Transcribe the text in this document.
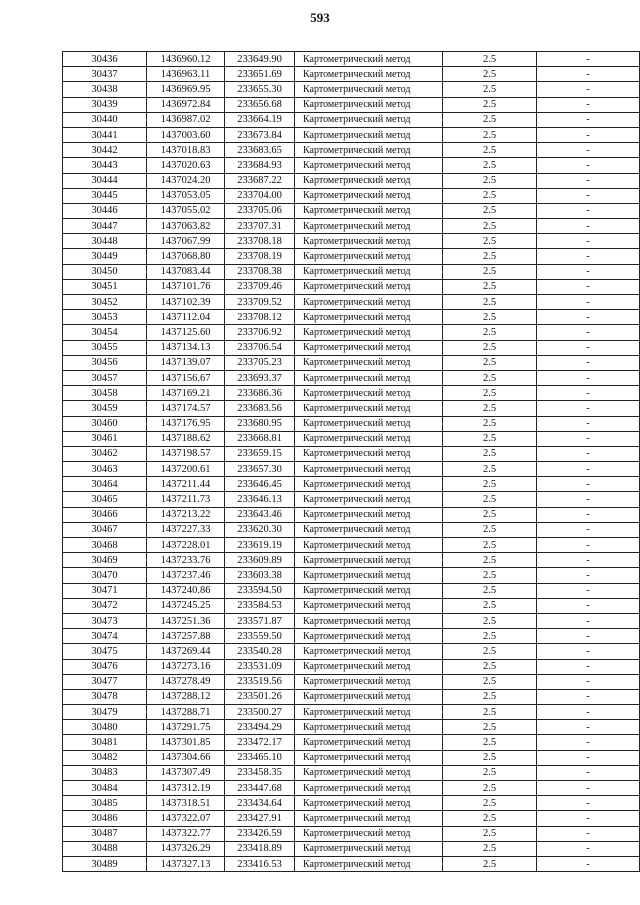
593
30436	1436960.12	233649.90	Картометрический метод	2.5	-
30437	1436963.11	233651.69	Картометрический метод	2.5	-
30438	1436969.95	233655.30	Картометрический метод	2.5	-
30439	1436972.84	233656.68	Картометрический метод	2.5	-
30440	1436987.02	233664.19	Картометрический метод	2.5	-
30441	1437003.60	233673.84	Картометрический метод	2.5	-
30442	1437018.83	233683.65	Картометрический метод	2.5	-
30443	1437020.63	233684.93	Картометрический метод	2.5	-
30444	1437024.20	233687.22	Картометрический метод	2.5	-
30445	1437053.05	233704.00	Картометрический метод	2.5	-
30446	1437055.02	233705.06	Картометрический метод	2.5	-
30447	1437063.82	233707.31	Картометрический метод	2.5	-
30448	1437067.99	233708.18	Картометрический метод	2.5	-
30449	1437068.80	233708.19	Картометрический метод	2.5	-
30450	1437083.44	233708.38	Картометрический метод	2.5	-
30451	1437101.76	233709.46	Картометрический метод	2.5	-
30452	1437102.39	233709.52	Картометрический метод	2.5	-
30453	1437112.04	233708.12	Картометрический метод	2.5	-
30454	1437125.60	233706.92	Картометрический метод	2.5	-
30455	1437134.13	233706.54	Картометрический метод	2.5	-
30456	1437139.07	233705.23	Картометрический метод	2.5	-
30457	1437156.67	233693.37	Картометрический метод	2.5	-
30458	1437169.21	233686.36	Картометрический метод	2.5	-
30459	1437174.57	233683.56	Картометрический метод	2.5	-
30460	1437176.95	233680.95	Картометрический метод	2.5	-
30461	1437188.62	233668.81	Картометрический метод	2.5	-
30462	1437198.57	233659.15	Картометрический метод	2.5	-
30463	1437200.61	233657.30	Картометрический метод	2.5	-
30464	1437211.44	233646.45	Картометрический метод	2.5	-
30465	1437211.73	233646.13	Картометрический метод	2.5	-
30466	1437213.22	233643.46	Картометрический метод	2.5	-
30467	1437227.33	233620.30	Картометрический метод	2.5	-
30468	1437228.01	233619.19	Картометрический метод	2.5	-
30469	1437233.76	233609.89	Картометрический метод	2.5	-
30470	1437237.46	233603.38	Картометрический метод	2.5	-
30471	1437240.86	233594.50	Картометрический метод	2.5	-
30472	1437245.25	233584.53	Картометрический метод	2.5	-
30473	1437251.36	233571.87	Картометрический метод	2.5	-
30474	1437257.88	233559.50	Картометрический метод	2.5	-
30475	1437269.44	233540.28	Картометрический метод	2.5	-
30476	1437273.16	233531.09	Картометрический метод	2.5	-
30477	1437278.49	233519.56	Картометрический метод	2.5	-
30478	1437288.12	233501.26	Картометрический метод	2.5	-
30479	1437288.71	233500.27	Картометрический метод	2.5	-
30480	1437291.75	233494.29	Картометрический метод	2.5	-
30481	1437301.85	233472.17	Картометрический метод	2.5	-
30482	1437304.66	233465.10	Картометрический метод	2.5	-
30483	1437307.49	233458.35	Картометрический метод	2.5	-
30484	1437312.19	233447.68	Картометрический метод	2.5	-
30485	1437318.51	233434.64	Картометрический метод	2.5	-
30486	1437322.07	233427.91	Картометрический метод	2.5	-
30487	1437322.77	233426.59	Картометрический метод	2.5	-
30488	1437326.29	233418.89	Картометрический метод	2.5	-
30489	1437327.13	233416.53	Картометрический метод	2.5	-
